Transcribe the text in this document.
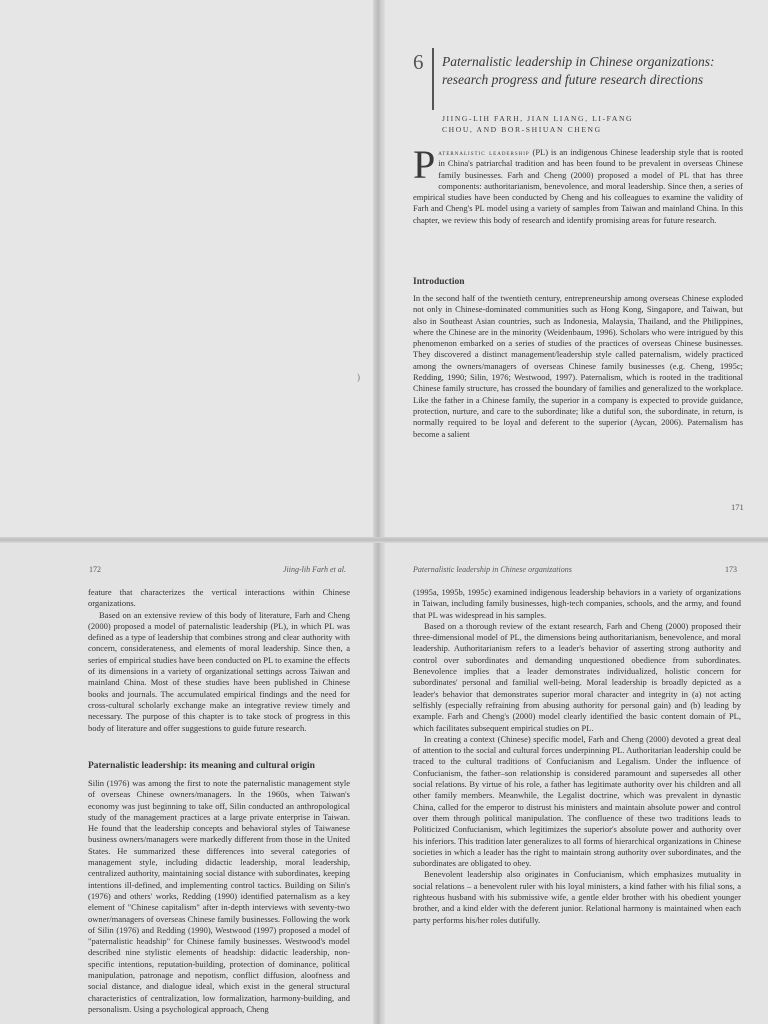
6 Paternalistic leadership in Chinese organizations: research progress and future research directions
JIING-LIH FARH, JIAN LIANG, LI-FANG
CHOU, AND BOR-SHIUAN CHENG

Paternalistic leadership (PL) is an indigenous Chinese leadership style that is rooted in China's patriarchal tradition and has been found to be prevalent in overseas Chinese family businesses. Farh and Cheng (2000) proposed a model of PL that has three components: authoritarianism, benevolence, and moral leadership. Since then, a series of empirical studies have been conducted by Cheng and his colleagues to examine the validity of Farh and Cheng's PL model using a variety of samples from Taiwan and mainland China. In this chapter, we review this body of research and identify promising areas for future research.

Introduction

In the second half of the twentieth century, entrepreneurship among overseas Chinese exploded not only in Chinese-dominated communities such as Hong Kong, Singapore, and Taiwan, but also in Southeast Asian countries, such as Indonesia, Malaysia, Thailand, and the Philippines, where the Chinese are in the minority (Weidenbaum, 1996). Scholars who were intrigued by this phenomenon embarked on a series of studies of the practices of overseas Chinese businesses. They discovered a distinct management/leadership style called paternalism, widely practiced among the owners/managers of overseas Chinese family businesses (e.g. Cheng, 1995c; Redding, 1990; Silin, 1976; Westwood, 1997). Paternalism, which is rooted in the traditional Chinese family structure, has crossed the boundary of families and generalized to the workplace. Like the father in a Chinese family, the superior in a company is expected to provide guidance, protection, nurture, and care to the subordinate; like a dutiful son, the subordinate, in return, is normally required to be loyal and deferent to the superior (Aycan, 2006). Paternalism has become a salient

)
171
172	Jiing-lih Farh et al.

feature that characterizes the vertical interactions within Chinese organizations.

Based on an extensive review of this body of literature, Farh and Cheng (2000) proposed a model of paternalistic leadership (PL), in which PL was defined as a type of leadership that combines strong and clear authority with concern, considerateness, and elements of moral leadership. Since then, a series of empirical studies have been conducted on PL to examine the effects of its dimensions in a variety of organizational settings across Taiwan and mainland China. Most of these studies have been published in Chinese books and journals. The accumulated empirical findings and the need for cross-cultural scholarly exchange make an integrative review timely and necessary. The purpose of this chapter is to take stock of progress in this body of literature and offer suggestions to guide future research.

Paternalistic leadership: its meaning and cultural origin

Silin (1976) was among the first to note the paternalistic management style of overseas Chinese owners/managers. In the 1960s, when Taiwan's economy was just beginning to take off, Silin conducted an anthropological study of the management practices at a large private enterprise in Taiwan. He found that the leadership concepts and behavioral styles of Taiwanese business owners/managers were markedly different from those in the United States. He summarized these differences into several categories of management style, including didactic leadership, moral leadership, centralized authority, maintaining social distance with subordinates, keeping intentions ill-defined, and implementing control tactics. Building on Silin's (1976) and others' works, Redding (1990) identified paternalism as a key element of "Chinese capitalism" after in-depth interviews with seventy-two owner/managers of overseas Chinese family businesses. Following the work of Silin (1976) and Redding (1990), Westwood (1997) proposed a model of "paternalistic headship" for Chinese family businesses. Westwood's model described nine stylistic elements of headship: didactic leadership, non-specific intentions, reputation-building, protection of dominance, political manipulation, patronage and nepotism, conflict diffusion, aloofness and social distance, and dialogue ideal, which exist in the general structural characteristics of centralization, low formalization, harmony-building, and personalism. Using a psychological approach, Cheng

Paternalistic leadership in Chinese organizations	173

(1995a, 1995b, 1995c) examined indigenous leadership behaviors in a variety of organizations in Taiwan, including family businesses, high-tech companies, schools, and the army, and found that PL was widespread in his samples.

Based on a thorough review of the extant research, Farh and Cheng (2000) proposed their three-dimensional model of PL, the dimensions being authoritarianism, benevolence, and moral leadership. Authoritarianism refers to a leader's behavior of asserting strong authority and control over subordinates and demanding unquestioned obedience from subordinates. Benevolence implies that a leader demonstrates individualized, holistic concern for subordinates' personal and familial well-being. Moral leadership is broadly depicted as a leader's behavior that demonstrates superior moral character and integrity in (a) not acting selfishly (especially refraining from abusing authority for personal gain) and (b) leading by example. Farh and Cheng's (2000) model clearly identified the basic content domain of PL, which facilitates subsequent empirical studies on PL.

In creating a context (Chinese) specific model, Farh and Cheng (2000) devoted a great deal of attention to the social and cultural forces underpinning PL. Authoritarian leadership could be traced to the cultural traditions of Confucianism and Legalism. Under the influence of Confucianism, the father–son relationship is considered paramount and supersedes all other social relations. By virtue of his role, a father has legitimate authority over his children and all other family members. Meanwhile, the Legalist doctrine, which was prevalent in dynastic China, called for the emperor to distrust his ministers and maintain absolute power and control over them through political manipulation. The confluence of these two traditions leads to Politicized Confucianism, which legitimizes the superior's absolute power and authority over his inferiors. This tradition later generalizes to all forms of hierarchical organizations in Chinese societies in which a leader has the right to maintain strong authority over subordinates, and the subordinates are obligated to obey.

Benevolent leadership also originates in Confucianism, which emphasizes mutuality in social relations – a benevolent ruler with his loyal ministers, a kind father with his filial sons, a righteous husband with his submissive wife, a gentle elder brother with his obedient younger brother, and a kind elder with the deferent junior. Relational harmony is maintained when each party performs his/her roles dutifully.
